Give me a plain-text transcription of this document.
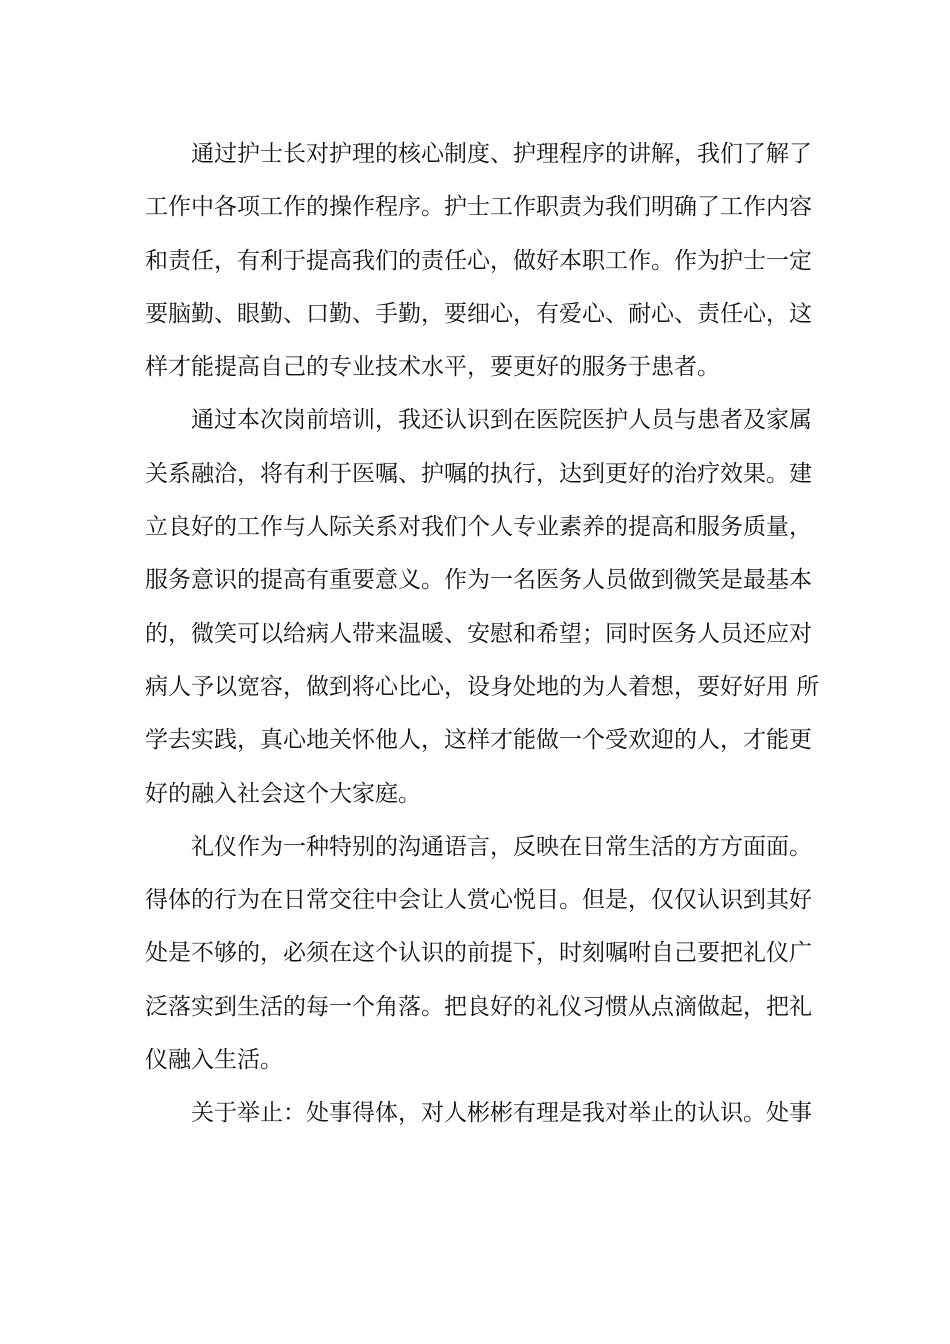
通过护士长对护理的核心制度、护理程序的讲解，我们了解了
工作中各项工作的操作程序。护士工作职责为我们明确了工作内容
和责任，有利于提高我们的责任心，做好本职工作。作为护士一定
要脑勤、眼勤、口勤、手勤，要细心，有爱心、耐心、责任心，这
样才能提高自己的专业技术水平，要更好的服务于患者。
通过本次岗前培训，我还认识到在医院医护人员与患者及家属
关系融洽，将有利于医嘱、护嘱的执行，达到更好的治疗效果。建
立良好的工作与人际关系对我们个人专业素养的提高和服务质量，
服务意识的提高有重要意义。作为一名医务人员做到微笑是最基本
的，微笑可以给病人带来温暖、安慰和希望；同时医务人员还应对
病人予以宽容，做到将心比心，设身处地的为人着想，要好好用 所
学去实践，真心地关怀他人，这样才能做一个受欢迎的人，才能更
好的融入社会这个大家庭。
礼仪作为一种特别的沟通语言，反映在日常生活的方方面面。
得体的行为在日常交往中会让人赏心悦目。但是，仅仅认识到其好
处是不够的，必须在这个认识的前提下，时刻嘱咐自己要把礼仪广
泛落实到生活的每一个角落。把良好的礼仪习惯从点滴做起，把礼
仪融入生活。
关于举止：处事得体，对人彬彬有理是我对举止的认识。处事
